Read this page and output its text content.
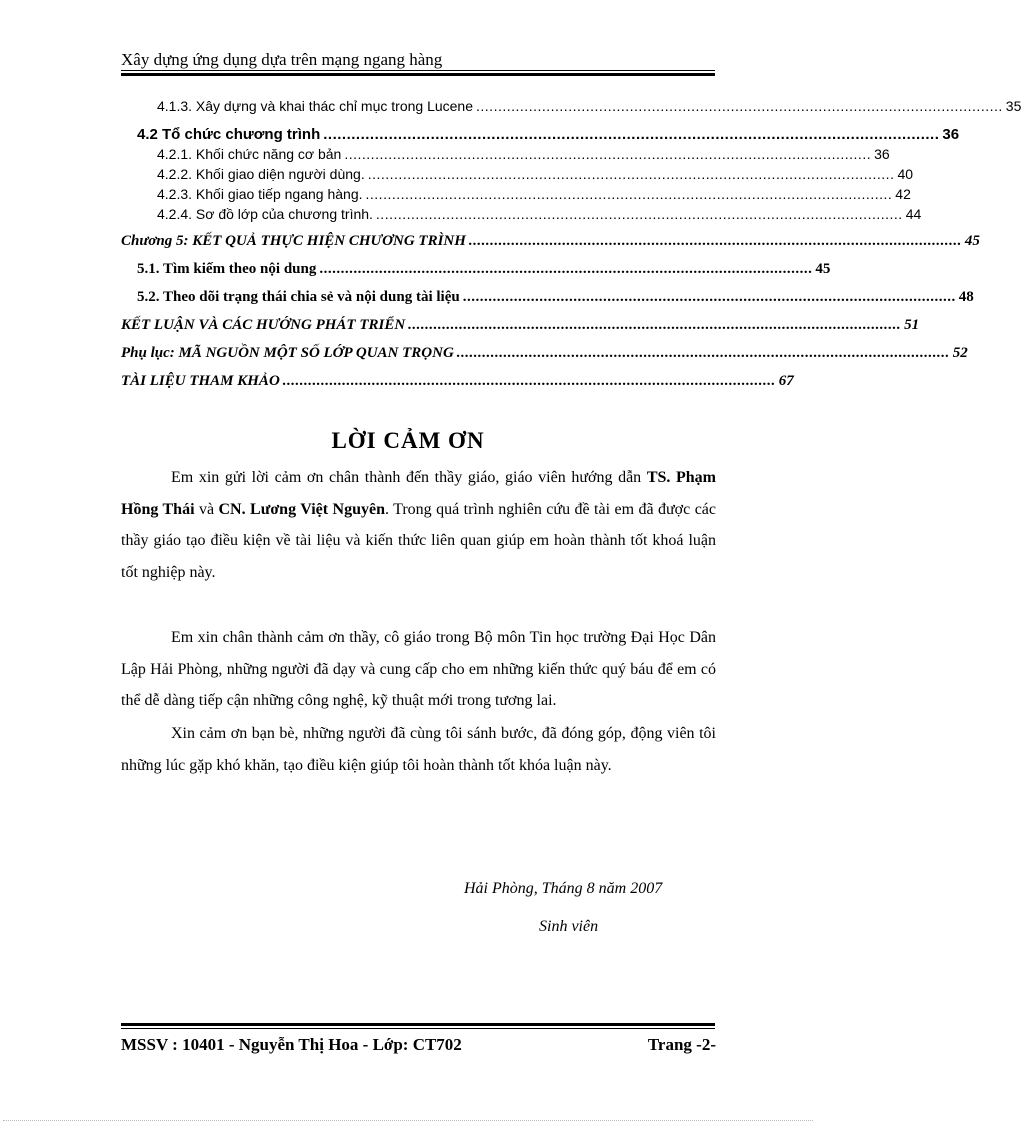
Xây dựng ứng dụng dựa trên mạng ngang hàng
4.1.3. Xây dựng và khai thác chỉ mục trong Lucene ........................................................................................................................ 35
4.2 Tổ chức chương trình .................................................................................................................................... 36
4.2.1. Khối chức năng cơ bản ........................................................................................................................ 36
4.2.2. Khối giao diện người dùng. ........................................................................................................................ 40
4.2.3. Khối giao tiếp ngang hàng. ........................................................................................................................ 42
4.2.4. Sơ đồ lớp của chương trình. ........................................................................................................................ 44
Chương 5: KẾT QUẢ THỰC HIỆN CHƯƠNG TRÌNH .................................................................................................................... 45
5.1. Tìm kiếm theo nội dung .................................................................................................................... 45
5.2. Theo dõi trạng thái chia sẻ và nội dung tài liệu .................................................................................................................... 48
KẾT LUẬN VÀ CÁC HƯỚNG PHÁT TRIỂN .................................................................................................................... 51
Phụ lục: MÃ NGUỒN MỘT SỐ LỚP QUAN TRỌNG .................................................................................................................... 52
TÀI LIỆU THAM KHẢO .................................................................................................................... 67
LỜI CẢM ƠN
Em xin gửi lời cảm ơn chân thành đến thầy giáo, giáo viên hướng dẫn TS. Phạm Hồng Thái và CN. Lương Việt Nguyên. Trong quá trình nghiên cứu đề tài em đã được các thầy giáo tạo điều kiện về tài liệu và kiến thức liên quan giúp em hoàn thành tốt khoá luận tốt nghiệp này.
Em xin chân thành cảm ơn thầy, cô giáo trong Bộ môn Tin học trường Đại Học Dân Lập Hải Phòng, những người đã dạy và cung cấp cho em những kiến thức quý báu để em có thể dễ dàng tiếp cận những công nghệ, kỹ thuật mới trong tương lai.
Xin cảm ơn bạn bè, những người đã cùng tôi sánh bước, đã đóng góp, động viên tôi những lúc gặp khó khăn, tạo điều kiện giúp tôi hoàn thành tốt khóa luận này.
Hải Phòng, Tháng 8 năm 2007
Sinh viên
MSSV : 10401 - Nguyễn Thị Hoa - Lớp: CT702	Trang -2-
